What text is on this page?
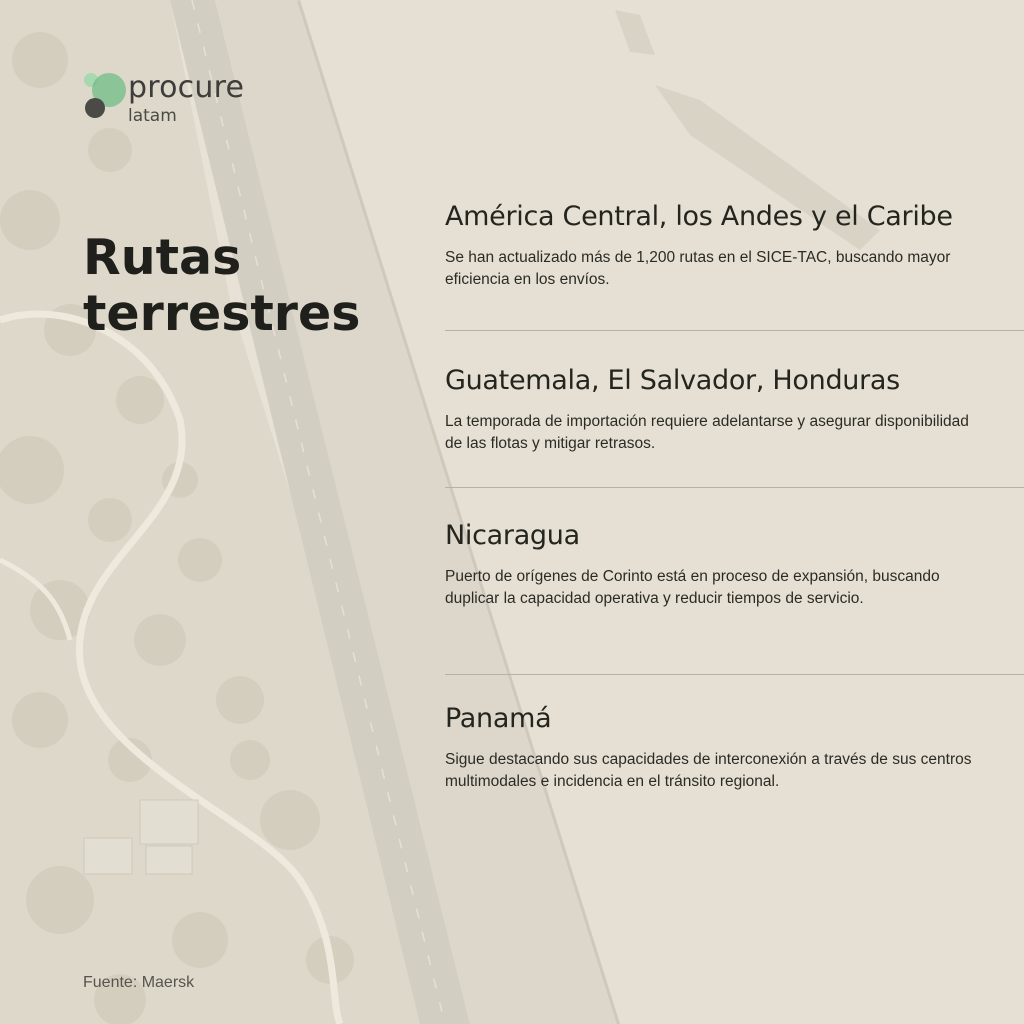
procure
latam
Rutas terrestres
América Central, los Andes y el Caribe

Se han actualizado más de 1,200 rutas en el SICE-TAC, buscando mayor eficiencia en los envíos.

Guatemala, El Salvador, Honduras

La temporada de importación requiere adelantarse y asegurar disponibilidad de las flotas y mitigar retrasos.

Nicaragua

Puerto de orígenes de Corinto está en proceso de expansión, buscando duplicar la capacidad operativa y reducir tiempos de servicio.

Panamá

Sigue destacando sus capacidades de interconexión a través de sus centros multimodales e incidencia en el tránsito regional.

Fuente: Maersk
